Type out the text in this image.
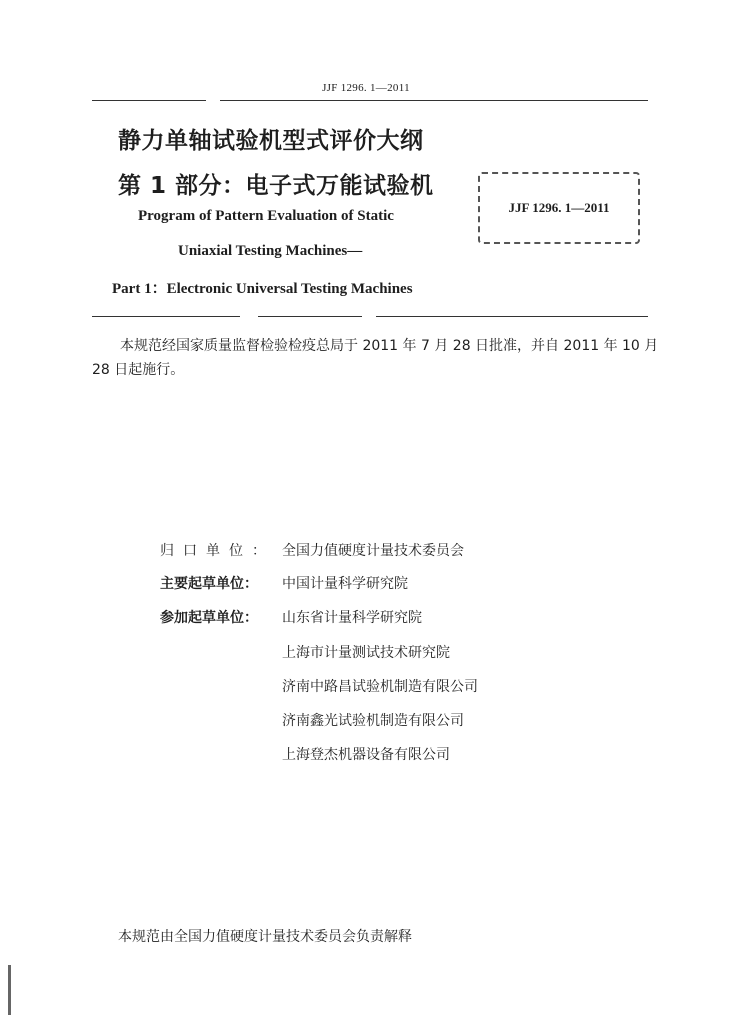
JJF 1296. 1—2011
静力单轴试验机型式评价大纲
第 1 部分：电子式万能试验机
Program of Pattern Evaluation of Static
Uniaxial Testing Machines—
Part 1：Electronic Universal Testing Machines
JJF 1296. 1—2011

本规范经国家质量监督检验检疫总局于 2011 年 7 月 28 日批准，并自 2011 年 10 月 28 日起施行。

归口单位： 全国力值硬度计量技术委员会
主要起草单位： 中国计量科学研究院
参加起草单位： 山东省计量科学研究院
上海市计量测试技术研究院
济南中路昌试验机制造有限公司
济南鑫光试验机制造有限公司
上海登杰机器设备有限公司
本规范由全国力值硬度计量技术委员会负责解释
